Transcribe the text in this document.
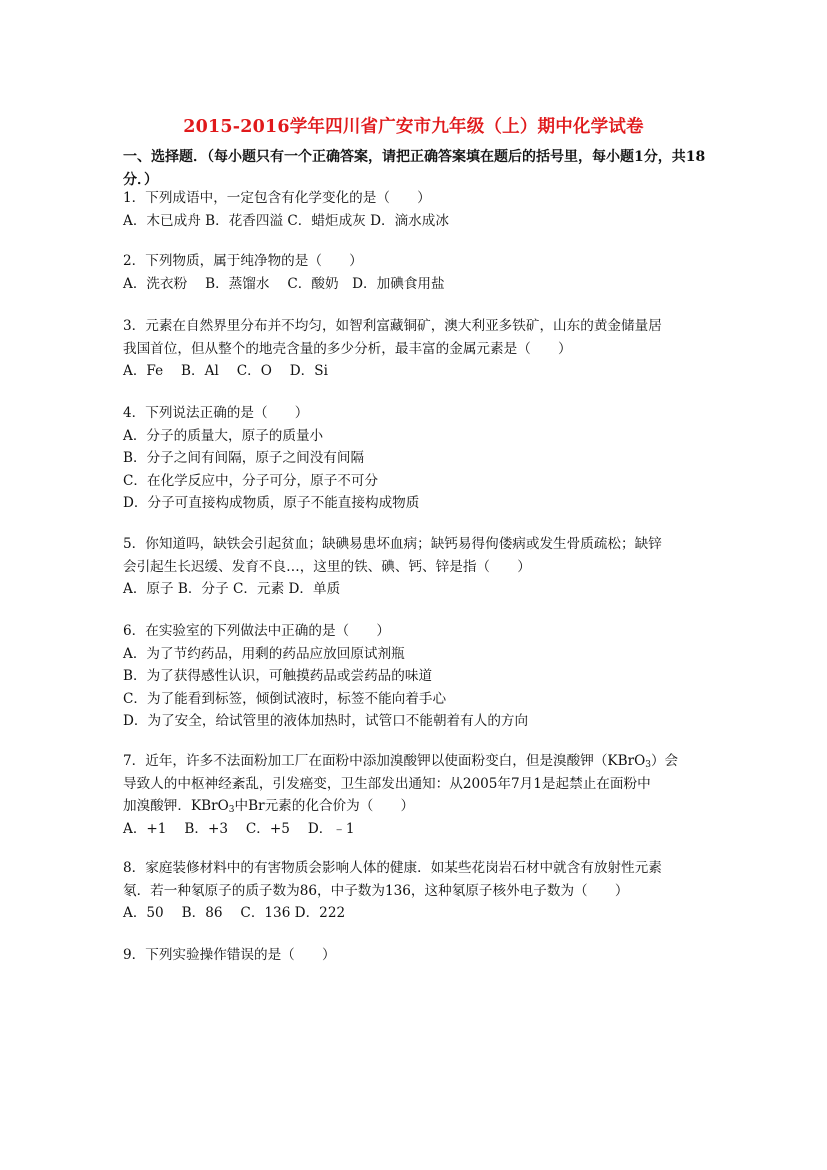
2015-2016学年四川省广安市九年级（上）期中化学试卷
一、选择题．（每小题只有一个正确答案，请把正确答案填在题后的括号里，每小题1分，共18分．）
1．下列成语中，一定包含有化学变化的是（　　）
A．木已成舟 B．花香四溢 C．蜡炬成灰 D．滴水成冰
2．下列物质，属于纯净物的是（　　）
A．洗衣粉　 B．蒸馏水　 C．酸奶　D．加碘食用盐
3．元素在自然界里分布并不均匀，如智利富藏铜矿，澳大利亚多铁矿，山东的黄金储量居
我国首位，但从整个的地壳含量的多少分析，最丰富的金属元素是（　　）
A．Fe　 B．Al　 C．O　 D．Si
4．下列说法正确的是（　　）
A．分子的质量大，原子的质量小
B．分子之间有间隔，原子之间没有间隔
C．在化学反应中，分子可分，原子不可分
D．分子可直接构成物质，原子不能直接构成物质
5．你知道吗，缺铁会引起贫血；缺碘易患坏血病；缺钙易得佝偻病或发生骨质疏松；缺锌
会引起生长迟缓、发育不良…，这里的铁、碘、钙、锌是指（　　）
A．原子 B．分子 C．元素 D．单质
6．在实验室的下列做法中正确的是（　　）
A．为了节约药品，用剩的药品应放回原试剂瓶
B．为了获得感性认识，可触摸药品或尝药品的味道
C．为了能看到标签，倾倒试液时，标签不能向着手心
D．为了安全，给试管里的液体加热时，试管口不能朝着有人的方向
7．近年，许多不法面粉加工厂在面粉中添加溴酸钾以使面粉变白，但是溴酸钾（KBrO$_3$）会
导致人的中枢神经紊乱，引发癌变，卫生部发出通知：从2005年7月1是起禁止在面粉中
加溴酸钾．KBrO$_3$中Br元素的化合价为（　　）
A．+1　 B．+3　 C．+5　 D．﹣1
8．家庭装修材料中的有害物质会影响人体的健康．如某些花岗岩石材中就含有放射性元素
氡．若一种氡原子的质子数为86，中子数为136，这种氡原子核外电子数为（　　）
A．50　 B．86　 C．136 D．222
9．下列实验操作错误的是（　　）
